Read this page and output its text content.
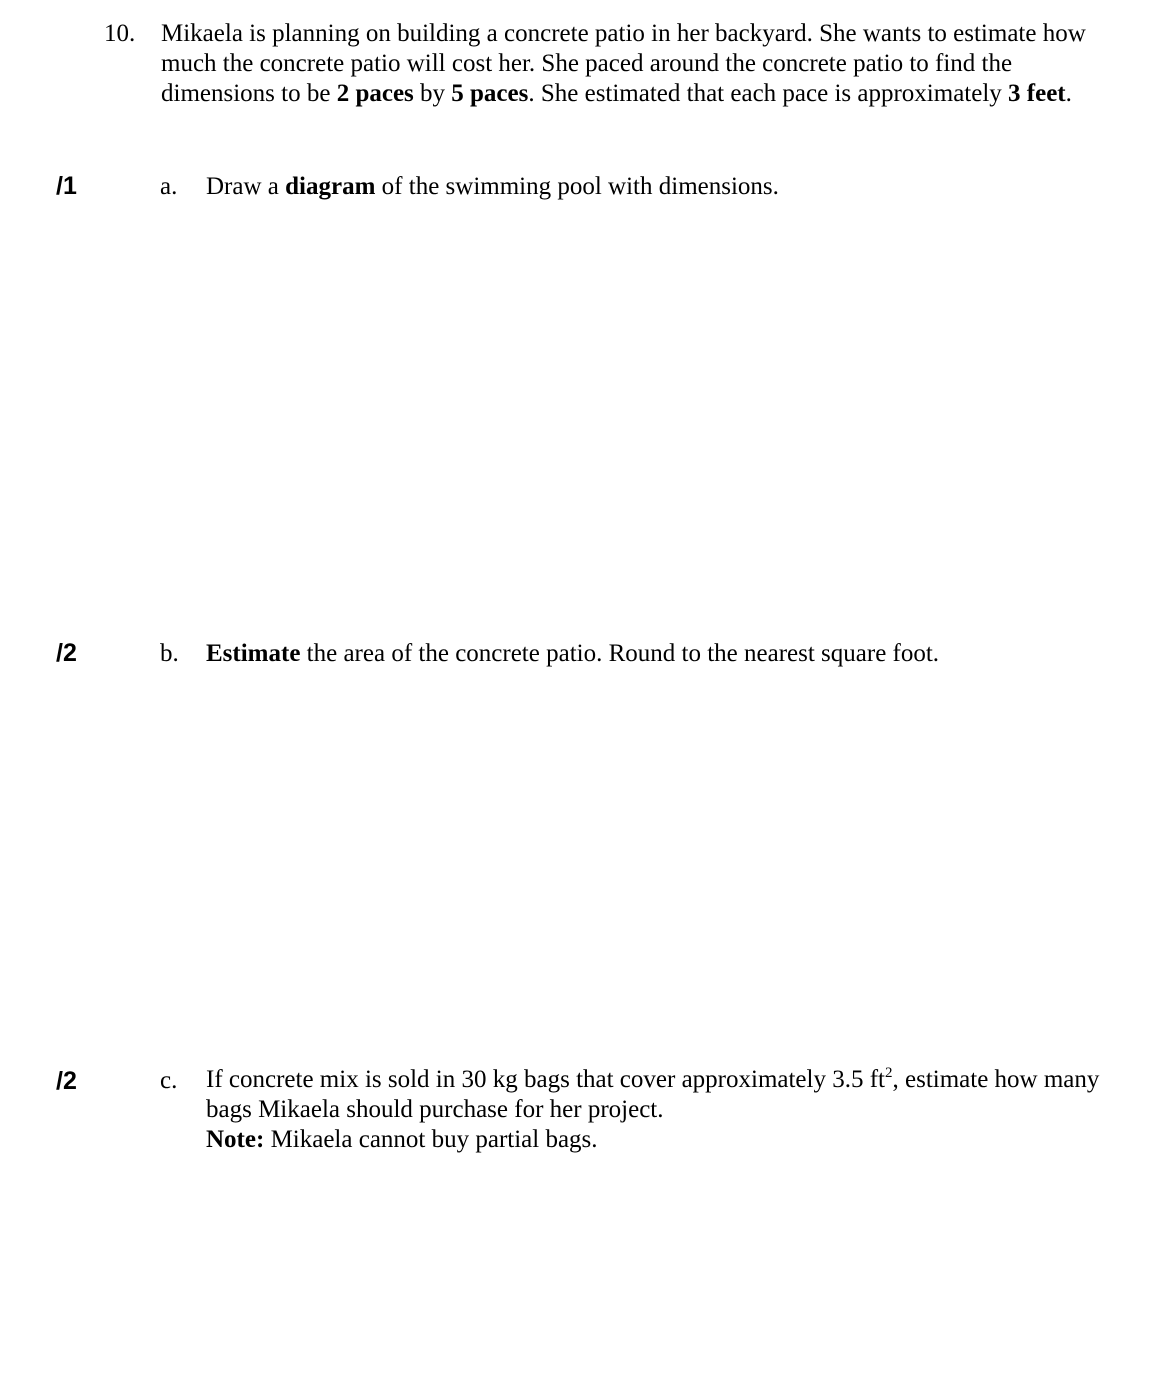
10. Mikaela is planning on building a concrete patio in her backyard. She wants to estimate how
much the concrete patio will cost her. She paced around the concrete patio to find the
dimensions to be 2 paces by 5 paces. She estimated that each pace is approximately 3 feet.
/1	a. Draw a diagram of the swimming pool with dimensions.
/2	b. Estimate the area of the concrete patio. Round to the nearest square foot.
/2	c. If concrete mix is sold in 30 kg bags that cover approximately 3.5 $ft^2$, estimate how many
bags Mikaela should purchase for her project.
Note: Mikaela cannot buy partial bags.
